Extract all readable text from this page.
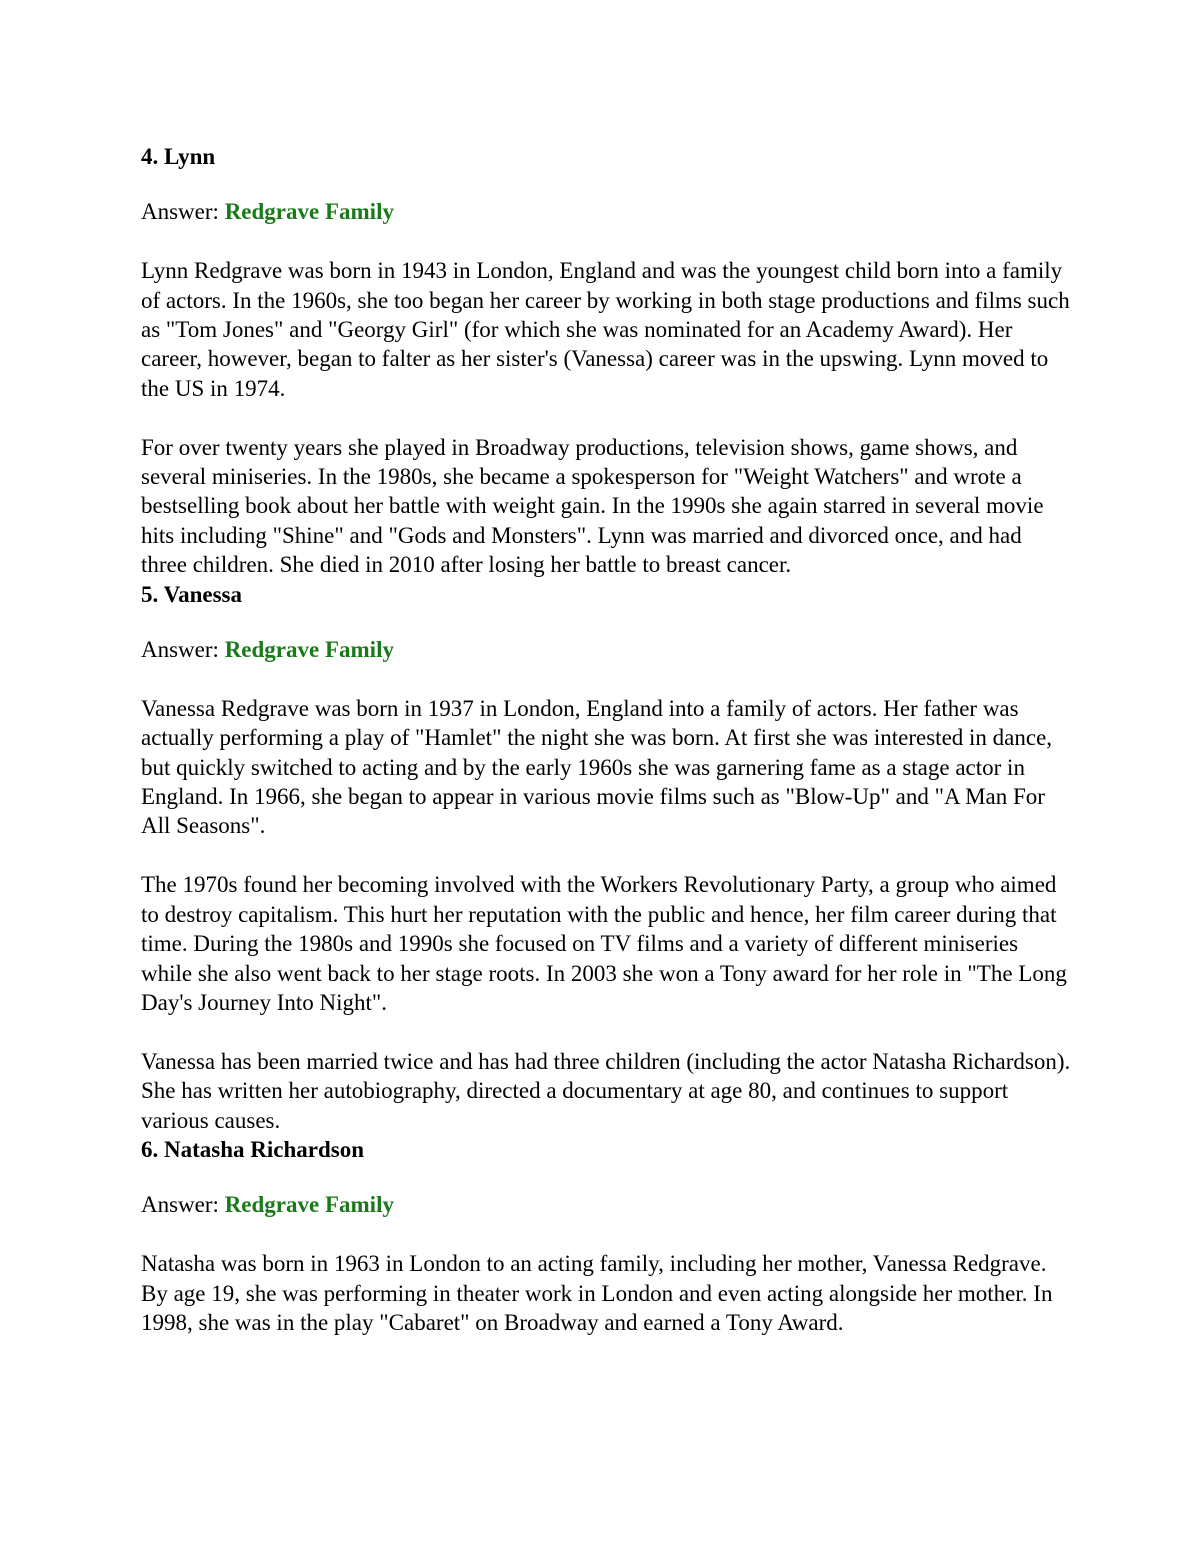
4. Lynn

Answer: Redgrave Family

Lynn Redgrave was born in 1943 in London, England and was the youngest child born into a family of actors. In the 1960s, she too began her career by working in both stage productions and films such as "Tom Jones" and "Georgy Girl" (for which she was nominated for an Academy Award). Her career, however, began to falter as her sister's (Vanessa) career was in the upswing. Lynn moved to the US in 1974.

For over twenty years she played in Broadway productions, television shows, game shows, and several miniseries. In the 1980s, she became a spokesperson for "Weight Watchers" and wrote a bestselling book about her battle with weight gain. In the 1990s she again starred in several movie hits including "Shine" and "Gods and Monsters". Lynn was married and divorced once, and had three children. She died in 2010 after losing her battle to breast cancer.

5. Vanessa

Answer: Redgrave Family

Vanessa Redgrave was born in 1937 in London, England into a family of actors. Her father was actually performing a play of "Hamlet" the night she was born. At first she was interested in dance, but quickly switched to acting and by the early 1960s she was garnering fame as a stage actor in England. In 1966, she began to appear in various movie films such as "Blow-Up" and "A Man For All Seasons".

The 1970s found her becoming involved with the Workers Revolutionary Party, a group who aimed to destroy capitalism. This hurt her reputation with the public and hence, her film career during that time. During the 1980s and 1990s she focused on TV films and a variety of different miniseries while she also went back to her stage roots. In 2003 she won a Tony award for her role in "The Long Day's Journey Into Night".

Vanessa has been married twice and has had three children (including the actor Natasha Richardson). She has written her autobiography, directed a documentary at age 80, and continues to support various causes.

6. Natasha Richardson

Answer: Redgrave Family

Natasha was born in 1963 in London to an acting family, including her mother, Vanessa Redgrave. By age 19, she was performing in theater work in London and even acting alongside her mother. In 1998, she was in the play "Cabaret" on Broadway and earned a Tony Award.
